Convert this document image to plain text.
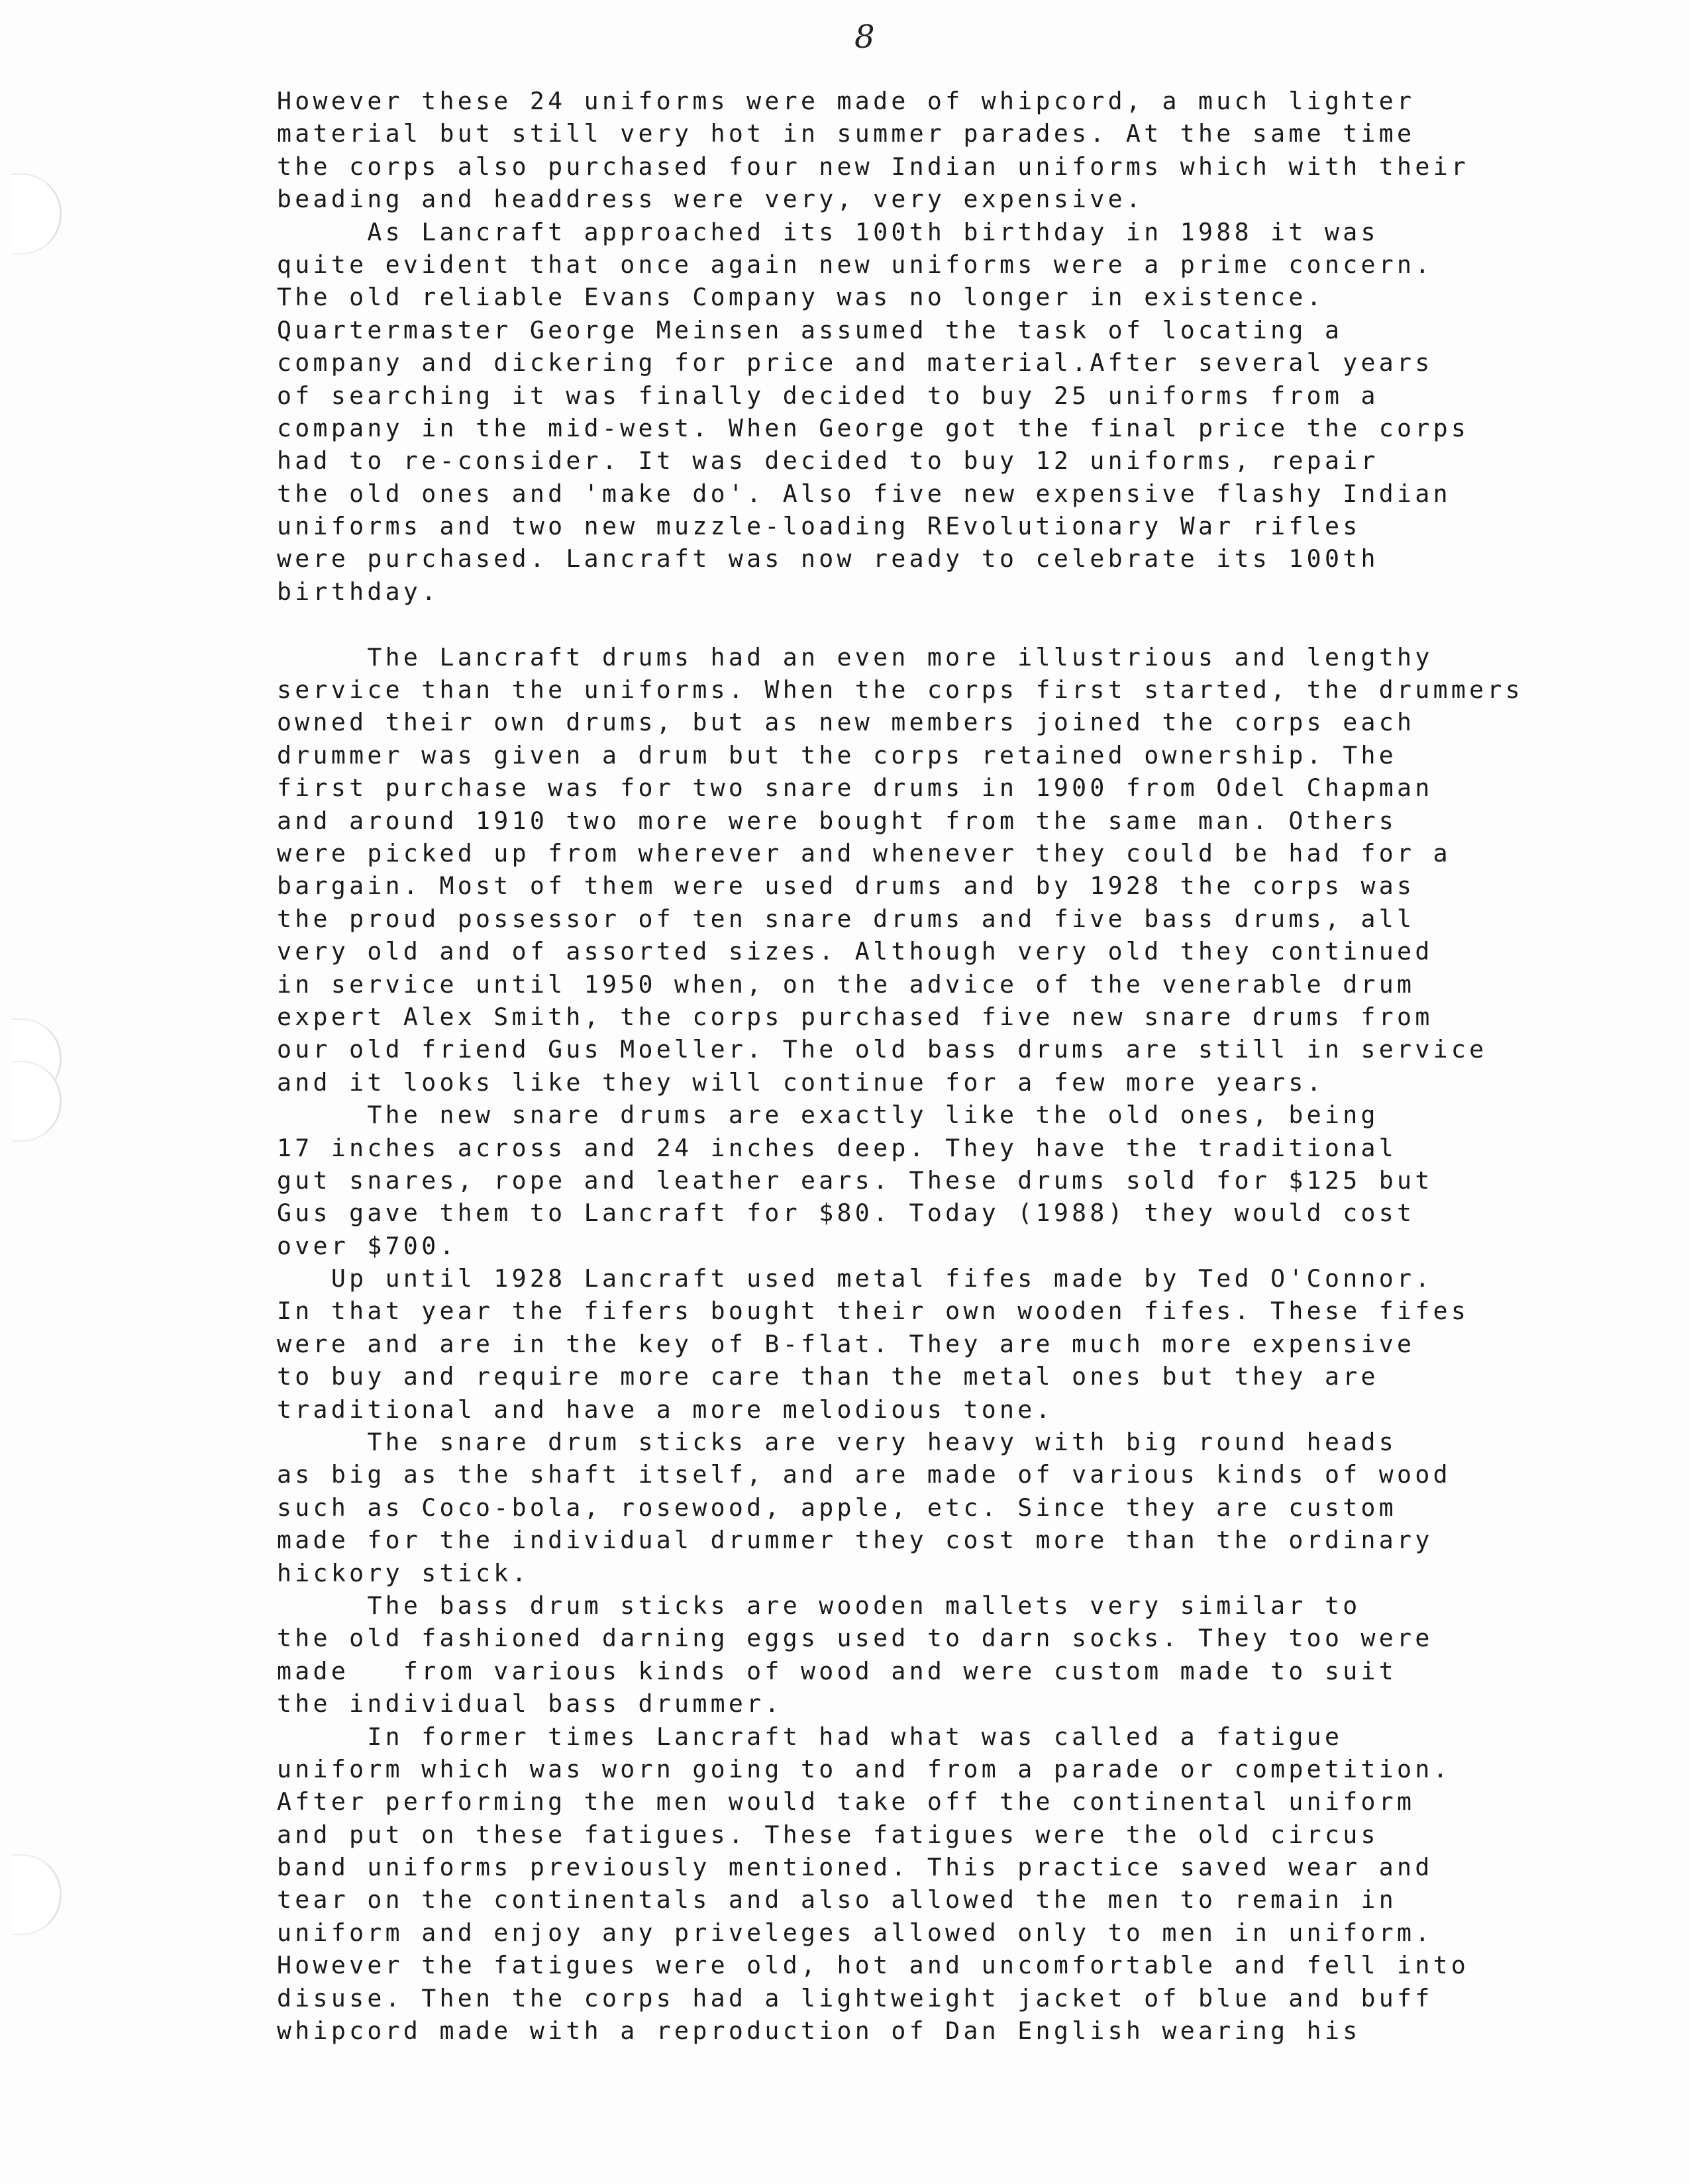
8
However these 24 uniforms were made of whipcord, a much lighter
material but still very hot in summer parades. At the same time
the corps also purchased four new Indian uniforms which with their
beading and headdress were very, very expensive.
As Lancraft approached its 100th birthday in 1988 it was
quite evident that once again new uniforms were a prime concern.
The old reliable Evans Company was no longer in existence.
Quartermaster George Meinsen assumed the task of locating a
company and dickering for price and material.After several years
of searching it was finally decided to buy 25 uniforms from a
company in the mid-west. When George got the final price the corps
had to re-consider. It was decided to buy 12 uniforms, repair
the old ones and 'make do'. Also five new expensive flashy Indian
uniforms and two new muzzle-loading REvolutionary War rifles
were purchased. Lancraft was now ready to celebrate its 100th
birthday.
The Lancraft drums had an even more illustrious and lengthy
service than the uniforms. When the corps first started, the drummers
owned their own drums, but as new members joined the corps each
drummer was given a drum but the corps retained ownership. The
first purchase was for two snare drums in 1900 from Odel Chapman
and around 1910 two more were bought from the same man. Others
were picked up from wherever and whenever they could be had for a
bargain. Most of them were used drums and by 1928 the corps was
the proud possessor of ten snare drums and five bass drums, all
very old and of assorted sizes. Although very old they continued
in service until 1950 when, on the advice of the venerable drum
expert Alex Smith, the corps purchased five new snare drums from
our old friend Gus Moeller. The old bass drums are still in service
and it looks like they will continue for a few more years.
The new snare drums are exactly like the old ones, being
17 inches across and 24 inches deep. They have the traditional
gut snares, rope and leather ears. These drums sold for $125 but
Gus gave them to Lancraft for $80. Today (1988) they would cost
over $700.
Up until 1928 Lancraft used metal fifes made by Ted O'Connor.
In that year the fifers bought their own wooden fifes. These fifes
were and are in the key of B-flat. They are much more expensive
to buy and require more care than the metal ones but they are
traditional and have a more melodious tone.
The snare drum sticks are very heavy with big round heads
as big as the shaft itself, and are made of various kinds of wood
such as Coco-bola, rosewood, apple, etc. Since they are custom
made for the individual drummer they cost more than the ordinary
hickory stick.
The bass drum sticks are wooden mallets very similar to
the old fashioned darning eggs used to darn socks. They too were
made   from various kinds of wood and were custom made to suit
the individual bass drummer.
In former times Lancraft had what was called a fatigue
uniform which was worn going to and from a parade or competition.
After performing the men would take off the continental uniform
and put on these fatigues. These fatigues were the old circus
band uniforms previously mentioned. This practice saved wear and
tear on the continentals and also allowed the men to remain in
uniform and enjoy any priveleges allowed only to men in uniform.
However the fatigues were old, hot and uncomfortable and fell into
disuse. Then the corps had a lightweight jacket of blue and buff
whipcord made with a reproduction of Dan English wearing his
